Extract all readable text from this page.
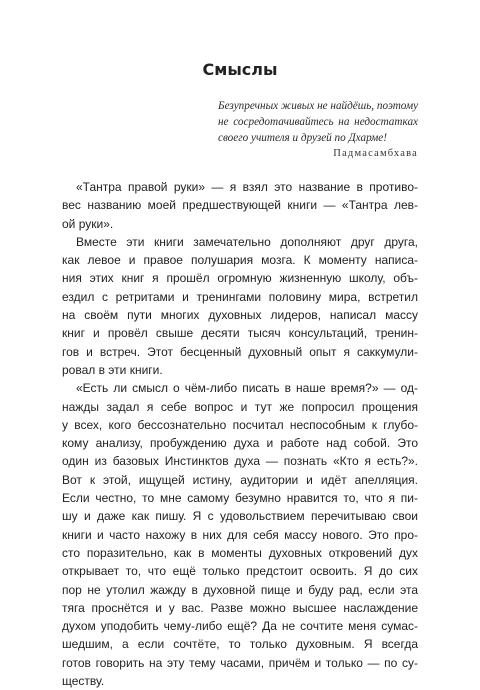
Смыслы
Безупречных живых не найдёшь, поэтому
не сосредотачивайтесь на недостатках
своего учителя и друзей по Дхарме!
Падмасамбхава
«Тантра правой руки» — я взял это название в противо-
вес названию моей предшествующей книги — «Тантра лев-
ой руки».
Вместе эти книги замечательно дополняют друг друга,
как левое и правое полушария мозга. К моменту написа-
ния этих книг я прошёл огромную жизненную школу, объ-
ездил с ретритами и тренингами половину мира, встретил
на своём пути многих духовных лидеров, написал массу
книг и провёл свыше десяти тысяч консультаций, тренин-
гов и встреч. Этот бесценный духовный опыт я саккумули-
ровал в эти книги.
«Есть ли смысл о чём-либо писать в наше время?» — од-
нажды задал я себе вопрос и тут же попросил прощения
у всех, кого бессознательно посчитал неспособным к глубо-
кому анализу, пробуждению духа и работе над собой. Это
один из базовых Инстинктов духа — познать «Кто я есть?».
Вот к этой, ищущей истину, аудитории и идёт апелляция.
Если честно, то мне самому безумно нравится то, что я пи-
шу и даже как пишу. Я с удовольствием перечитываю свои
книги и часто нахожу в них для себя массу нового. Это про-
сто поразительно, как в моменты духовных откровений дух
открывает то, что ещё только предстоит освоить. Я до сих
пор не утолил жажду в духовной пище и буду рад, если эта
тяга проснётся и у вас. Разве можно высшее наслаждение
духом уподобить чему-либо ещё? Да не сочтите меня сумас-
шедшим, а если сочтёте, то только духовным. Я всегда
готов говорить на эту тему часами, причём и только — по су-
ществу.
